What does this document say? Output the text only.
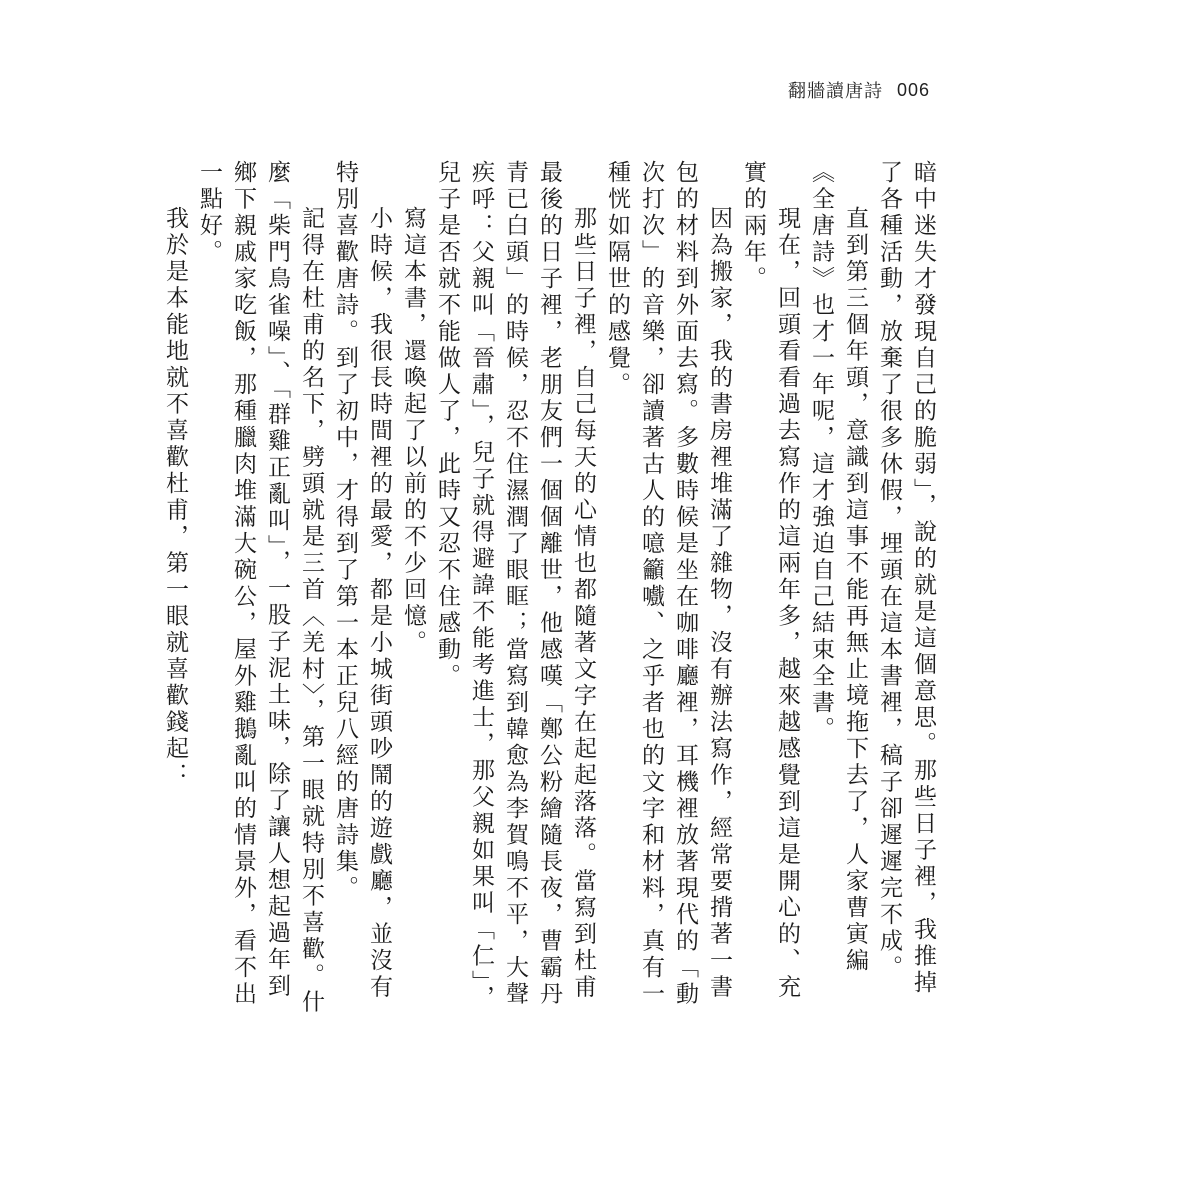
翻牆讀唐詩 006

暗中迷失才發現自己的脆弱」，說的就是這個意思。那些日子裡，我推掉了各種活動，放棄了很多休假，埋頭在這本書裡，稿子卻遲遲完不成。

直到第三個年頭，意識到這事不能再無止境拖下去了，人家曹寅編《全唐詩》也才一年呢，這才強迫自己結束全書。

現在，回頭看看過去寫作的這兩年多，越來越感覺到這是開心的、充實的兩年。

因為搬家，我的書房裡堆滿了雜物，沒有辦法寫作，經常要揹著一書包的材料到外面去寫。多數時候是坐在咖啡廳裡，耳機裡放著現代的「動次打次」的音樂，卻讀著古人的噫籲嚱、之乎者也的文字和材料，真有一種恍如隔世的感覺。

那些日子裡，自己每天的心情也都隨著文字在起起落落。當寫到杜甫最後的日子裡，老朋友們一個個離世，他感嘆「鄭公粉繪隨長夜，曹霸丹青已白頭」的時候，忍不住濕潤了眼眶；當寫到韓愈為李賀鳴不平，大聲疾呼：父親叫「晉肅」，兒子就得避諱不能考進士，那父親如果叫「仁」，兒子是否就不能做人了，此時又忍不住感動。

寫這本書，還喚起了以前的不少回憶。

小時候，我很長時間裡的最愛，都是小城街頭吵鬧的遊戲廳，並沒有特別喜歡唐詩。到了初中，才得到了第一本正兒八經的唐詩集。

記得在杜甫的名下，劈頭就是三首〈羌村〉，第一眼就特別不喜歡。什麼「柴門鳥雀噪」、「群雞正亂叫」，一股子泥土味，除了讓人想起過年到鄉下親戚家吃飯，那種臘肉堆滿大碗公，屋外雞鵝亂叫的情景外，看不出一點好。

我於是本能地就不喜歡杜甫，第一眼就喜歡錢起：
